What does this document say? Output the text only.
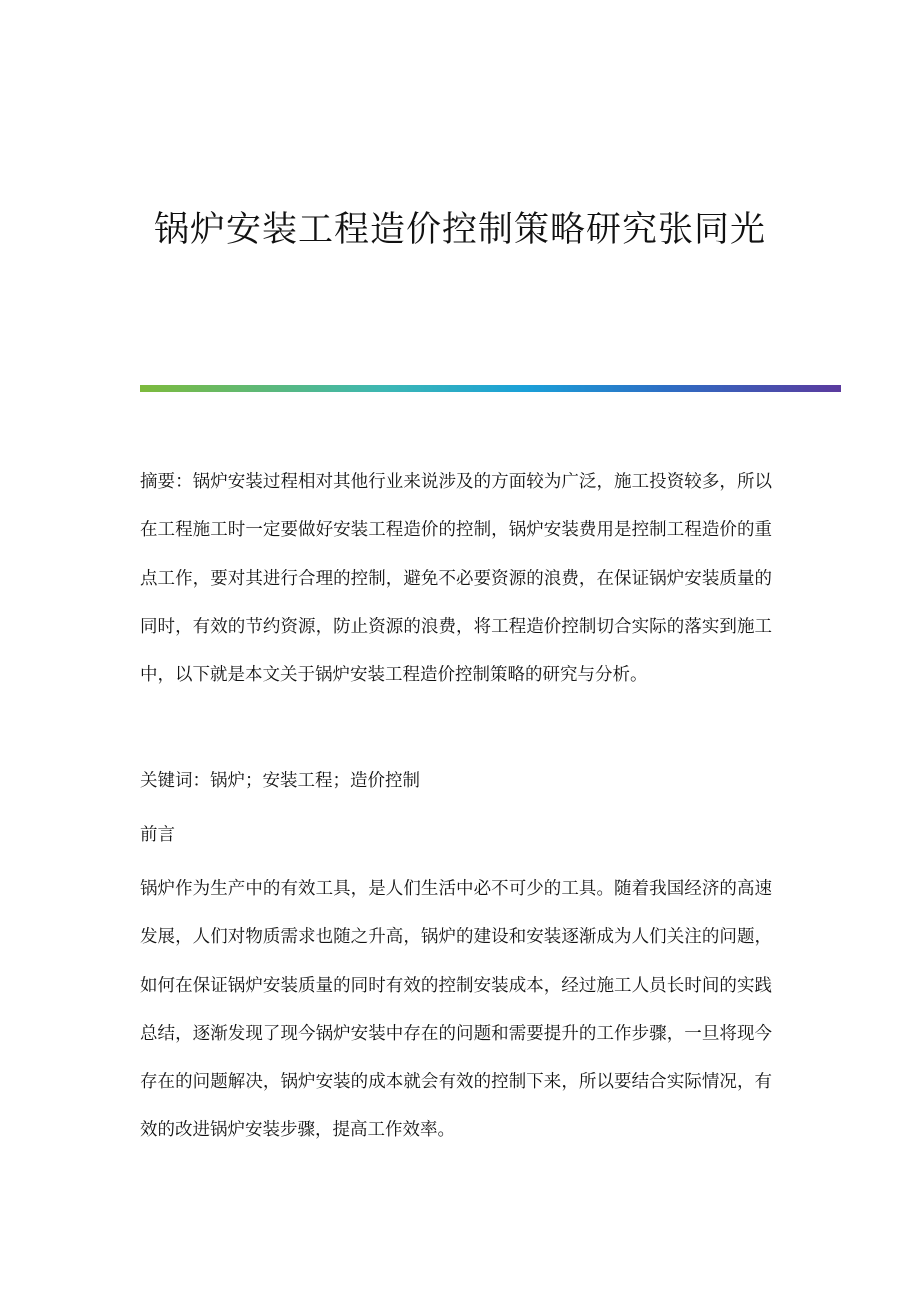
锅炉安装工程造价控制策略研究张同光
摘要：锅炉安装过程相对其他行业来说涉及的方面较为广泛，施工投资较多，所以在工程施工时一定要做好安装工程造价的控制，锅炉安装费用是控制工程造价的重点工作，要对其进行合理的控制，避免不必要资源的浪费，在保证锅炉安装质量的同时，有效的节约资源，防止资源的浪费，将工程造价控制切合实际的落实到施工中，以下就是本文关于锅炉安装工程造价控制策略的研究与分析。
关键词：锅炉；安装工程；造价控制
前言
锅炉作为生产中的有效工具，是人们生活中必不可少的工具。随着我国经济的高速发展，人们对物质需求也随之升高，锅炉的建设和安装逐渐成为人们关注的问题，如何在保证锅炉安装质量的同时有效的控制安装成本，经过施工人员长时间的实践总结，逐渐发现了现今锅炉安装中存在的问题和需要提升的工作步骤，一旦将现今存在的问题解决，锅炉安装的成本就会有效的控制下来，所以要结合实际情况，有效的改进锅炉安装步骤，提高工作效率。
